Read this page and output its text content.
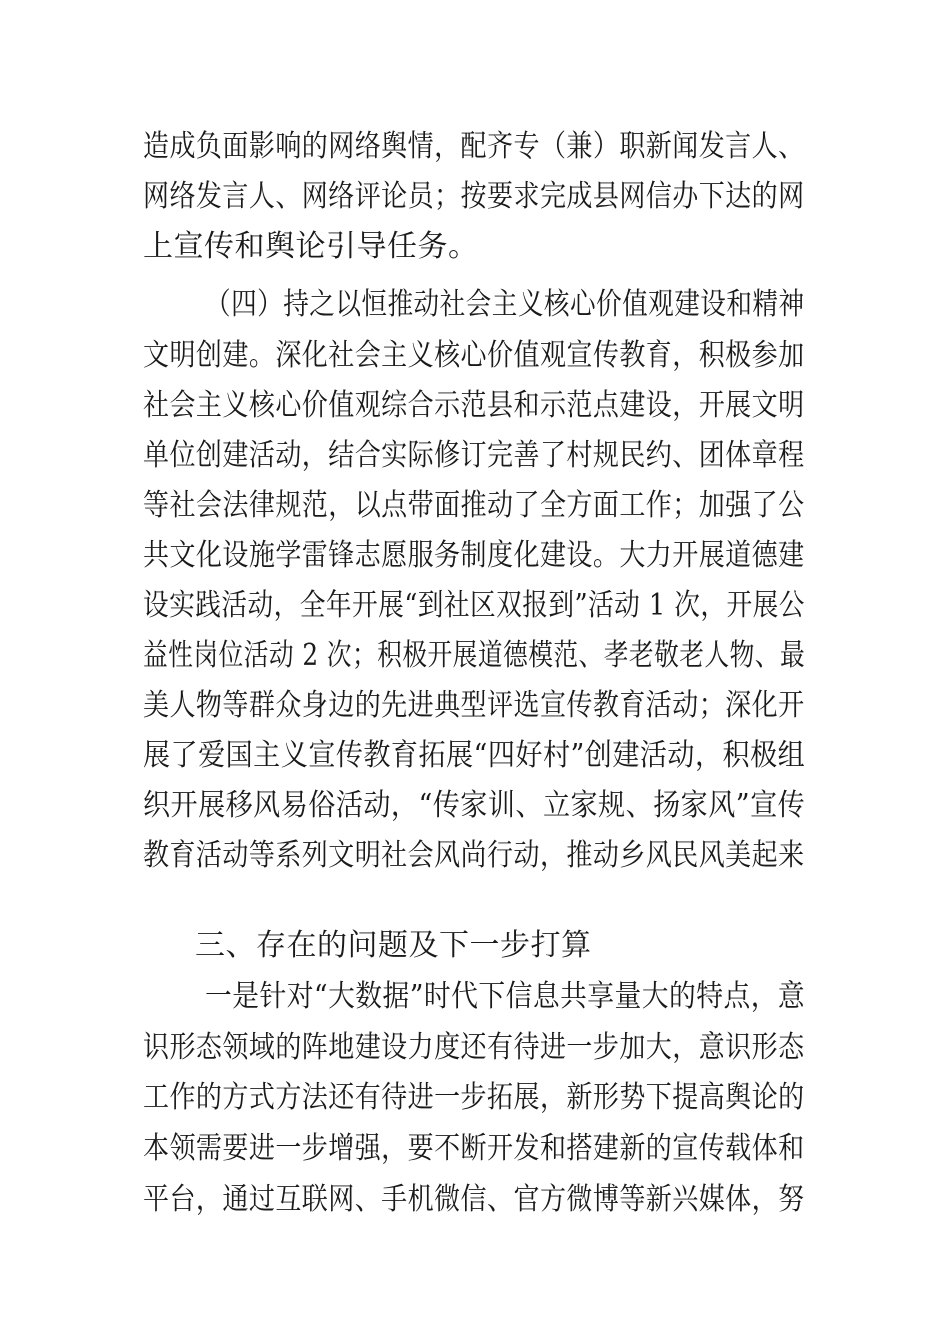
造成负面影响的网络舆情，配齐专（兼）职新闻发言人、
网络发言人、网络评论员；按要求完成县网信办下达的网
上宣传和舆论引导任务。
（四）持之以恒推动社会主义核心价值观建设和精神
文明创建。深化社会主义核心价值观宣传教育，积极参加
社会主义核心价值观综合示范县和示范点建设，开展文明
单位创建活动，结合实际修订完善了村规民约、团体章程
等社会法律规范，以点带面推动了全方面工作；加强了公
共文化设施学雷锋志愿服务制度化建设。大力开展道德建
设实践活动，全年开展“到社区双报到”活动 1 次，开展公
益性岗位活动 2 次；积极开展道德模范、孝老敬老人物、最
美人物等群众身边的先进典型评选宣传教育活动；深化开
展了爱国主义宣传教育拓展“四好村”创建活动，积极组
织开展移风易俗活动，“传家训、立家规、扬家风”宣传
教育活动等系列文明社会风尚行动，推动乡风民风美起来
三、存在的问题及下一步打算
一是针对“大数据”时代下信息共享量大的特点，意
识形态领域的阵地建设力度还有待进一步加大，意识形态
工作的方式方法还有待进一步拓展，新形势下提高舆论的
本领需要进一步增强，要不断开发和搭建新的宣传载体和
平台，通过互联网、手机微信、官方微博等新兴媒体，努
